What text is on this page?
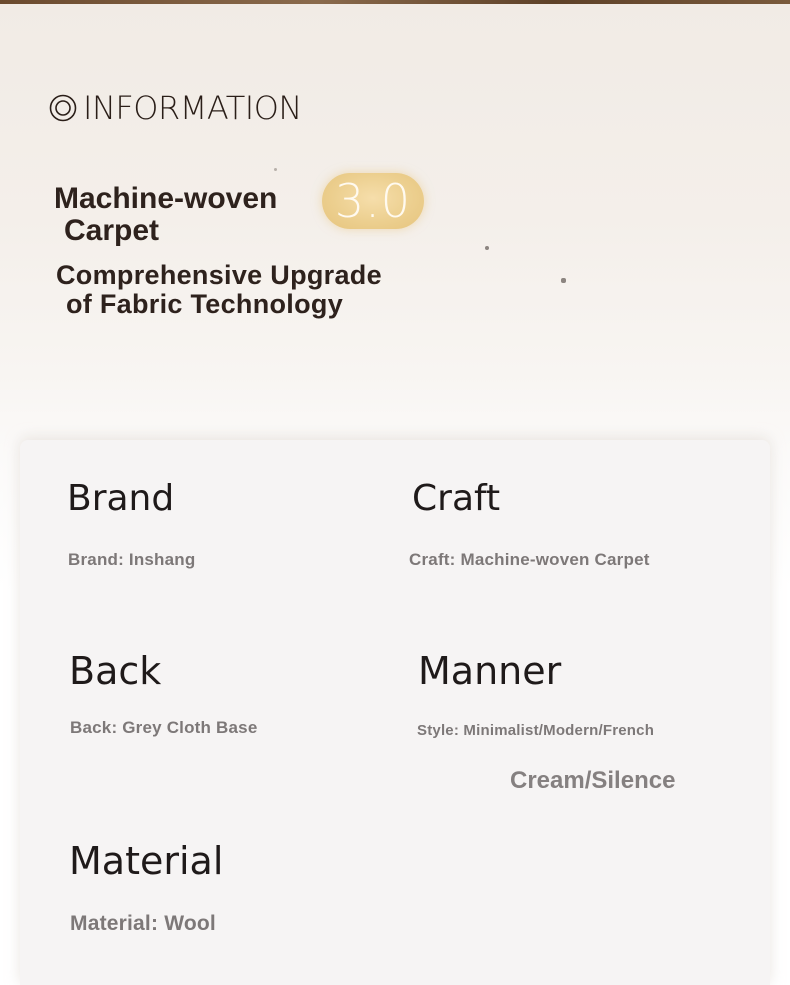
INFORMATION
Machine-woven 3.0
Carpet
Comprehensive Upgrade
of Fabric Technology
Brand
Brand: Inshang
Craft
Craft: Machine-woven Carpet
Back
Back: Grey Cloth Base
Manner
Style: Minimalist/Modern/French
Cream/Silence
Material
Material: Wool
